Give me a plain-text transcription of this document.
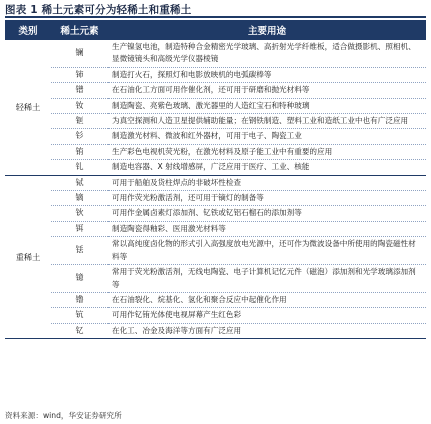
图表 1 稀土元素可分为轻稀土和重稀土
类别	稀土元素	主要用途
轻稀土	镧	生产镍氢电池，制造特种合金精密光学玻璃、高折射光学纤维板，适合做摄影机、照相机、显微镜镜头和高级光学仪器棱镜
	铈	制造打火石，探照灯和电影放映机的电弧碳棒等
	镨	在石油化工方面可用作催化剂，还可用于研磨和抛光材料等
	钕	制造陶瓷、亮紫色玻璃、激光器里的人造红宝石和特种玻璃
	钷	为真空探测和人造卫星提供辅助能量；在钢铁制造、塑料工业和造纸工业中也有广泛应用
	钐	制造激光材料、微波和红外器材，可用于电子、陶瓷工业
	铕	生产彩色电视机荧光粉，在激光材料及原子能工业中有重要的应用
	钆	制造电容器、X 射线增感屏，广泛应用于医疗、工业、核能
重稀土	铽	可用于船舶及货柱焊点的非破坏性检查
	镝	可用作荧光粉激活剂，还可用于镝灯的制备等
	钬	可用作金属卤素灯添加剂、钇铁或钇铝石榴石的添加剂等
	铒	制造陶瓷得釉彩、医用激光材料等
	铥	常以高纯度卤化物的形式引入高强度放电光源中，还可作为微波设备中所使用的陶瓷磁性材料等
	镱	常用于荧光粉激活剂，无线电陶瓷、电子计算机记忆元件（磁泡）添加剂和光学玻璃添加剂等
	镥	在石油裂化、烷基化、氢化和聚合反应中起催化作用
	钪	可用作钇铕光体使电视屏幕产生红色彩
	钇	在化工、冶金及海洋等方面有广泛应用
资料来源：wind，华安证券研究所
